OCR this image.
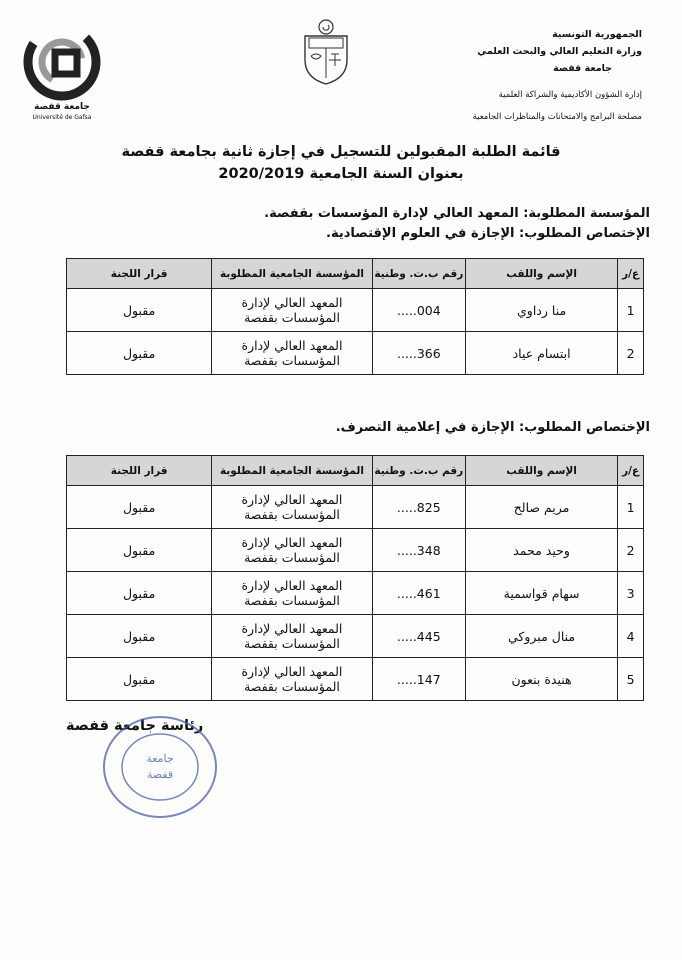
جامعة قفصة
Université de Gafsa
الجمهورية التونسية
وزارة التعليم العالي والبحث العلمي
جامعة قفصة
إدارة الشؤون الأكاديمية والشراكة العلمية
مصلحة البرامج والامتحانات والمناظرات الجامعية
قائمة الطلبة المقبولين للتسجيل في إجازة ثانية بجامعة قفصة
بعنوان السنة الجامعية 2020/2019
المؤسسة المطلوبة: المعهد العالي لإدارة المؤسسات بقفصة.
الإختصاص المطلوب: الإجازة في العلوم الإقتصادية.
ع/ر	الإسم واللقب	رقم ب.ت. وطنية	المؤسسة الجامعية المطلوبة	قرار اللجنة
1	منا رداوي	004.....	المعهد العالي لإدارة
المؤسسات بقفصة	مقبول
2	ابتسام عياد	366.....	المعهد العالي لإدارة
المؤسسات بقفصة	مقبول
الإختصاص المطلوب: الإجازة في إعلامية التصرف.
ع/ر	الإسم واللقب	رقم ب.ت. وطنية	المؤسسة الجامعية المطلوبة	قرار اللجنة
1	مريم صالح	825.....	المعهد العالي لإدارة
المؤسسات بقفصة	مقبول
2	وحيد محمد	348.....	المعهد العالي لإدارة
المؤسسات بقفصة	مقبول
3	سهام قواسمية	461.....	المعهد العالي لإدارة
المؤسسات بقفصة	مقبول
4	منال مبروكي	445.....	المعهد العالي لإدارة
المؤسسات بقفصة	مقبول
5	هنيدة بنعون	147.....	المعهد العالي لإدارة
المؤسسات بقفصة	مقبول
رئاسة جامعة قفصة
جامعة
قفصة
